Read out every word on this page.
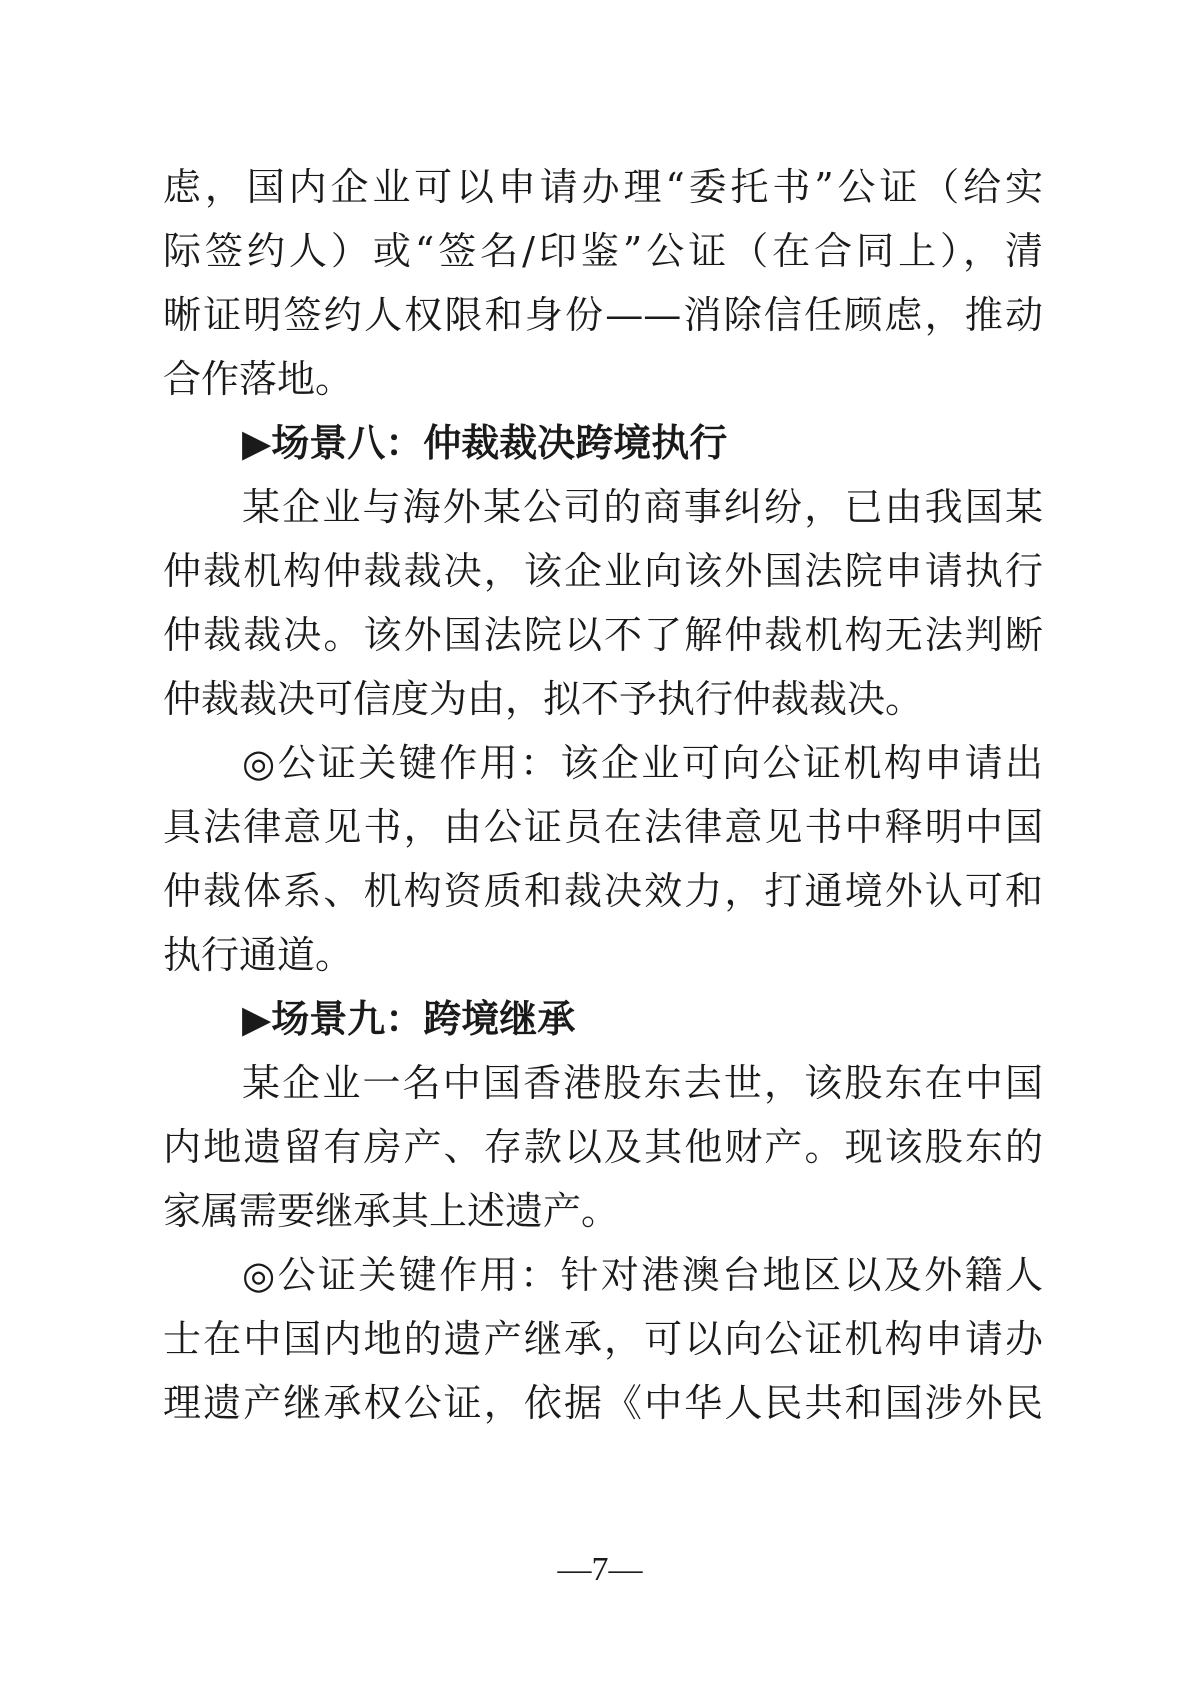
虑，国内企业可以申请办理“委托书”公证（给实
际签约人）或“签名/印鉴”公证（在合同上），清
晰证明签约人权限和身份——消除信任顾虑，推动
合作落地。
▶场景八：仲裁裁决跨境执行
某企业与海外某公司的商事纠纷，已由我国某
仲裁机构仲裁裁决，该企业向该外国法院申请执行
仲裁裁决。该外国法院以不了解仲裁机构无法判断
仲裁裁决可信度为由，拟不予执行仲裁裁决。
◎公证关键作用：该企业可向公证机构申请出
具法律意见书，由公证员在法律意见书中释明中国
仲裁体系、机构资质和裁决效力，打通境外认可和
执行通道。
▶场景九：跨境继承
某企业一名中国香港股东去世，该股东在中国
内地遗留有房产、存款以及其他财产。现该股东的
家属需要继承其上述遗产。
◎公证关键作用：针对港澳台地区以及外籍人
士在中国内地的遗产继承，可以向公证机构申请办
理遗产继承权公证，依据《中华人民共和国涉外民
—7—
